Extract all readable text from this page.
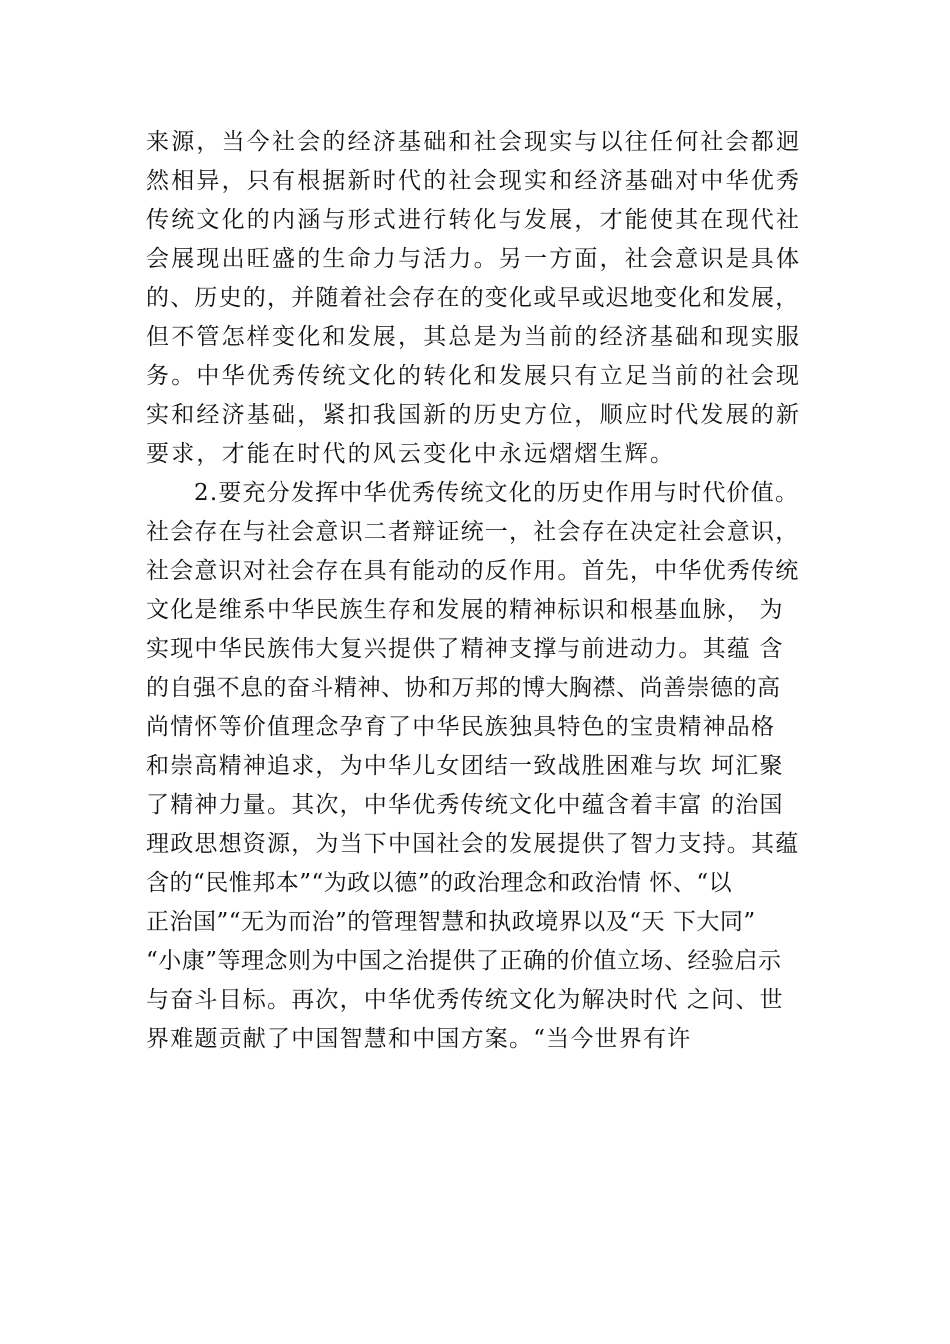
来源，当今社会的经济基础和社会现实与以往任何社会都迥
然相异，只有根据新时代的社会现实和经济基础对中华优秀
传统文化的内涵与形式进行转化与发展，才能使其在现代社
会展现出旺盛的生命力与活力。另一方面，社会意识是具体
的、历史的，并随着社会存在的变化或早或迟地变化和发展，
但不管怎样变化和发展，其总是为当前的经济基础和现实服
务。中华优秀传统文化的转化和发展只有立足当前的社会现
实和经济基础，紧扣我国新的历史方位，顺应时代发展的新
要求，才能在时代的风云变化中永远熠熠生辉。
2.要充分发挥中华优秀传统文化的历史作用与时代价值。
社会存在与社会意识二者辩证统一，社会存在决定社会意识，
社会意识对社会存在具有能动的反作用。首先，中华优秀传统
文化是维系中华民族生存和发展的精神标识和根基血脉， 为
实现中华民族伟大复兴提供了精神支撑与前进动力。其蕴 含
的自强不息的奋斗精神、协和万邦的博大胸襟、尚善崇德的高
尚情怀等价值理念孕育了中华民族独具特色的宝贵精神品格
和崇高精神追求，为中华儿女团结一致战胜困难与坎 坷汇聚
了精神力量。其次，中华优秀传统文化中蕴含着丰富 的治国
理政思想资源，为当下中国社会的发展提供了智力支持。其蕴
含的“民惟邦本”“为政以德”的政治理念和政治情 怀、“以
正治国”“无为而治”的管理智慧和执政境界以及“天 下大同”
“小康”等理念则为中国之治提供了正确的价值立场、经验启示
与奋斗目标。再次，中华优秀传统文化为解决时代 之问、世
界难题贡献了中国智慧和中国方案。“当今世界有许
